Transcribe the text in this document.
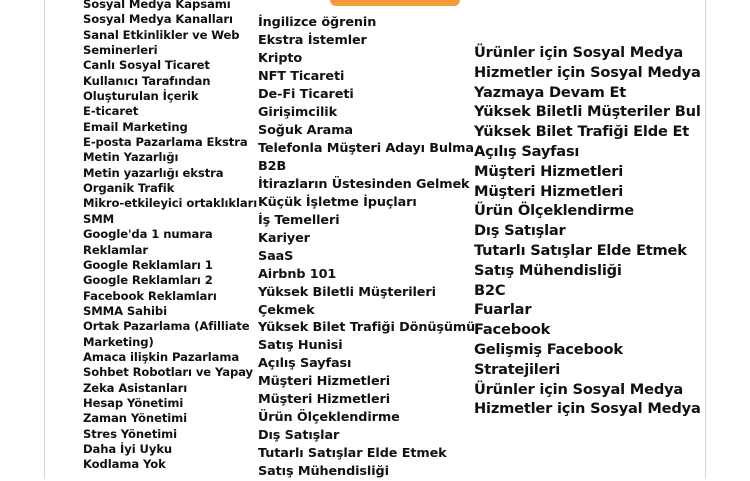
Sosyal Medya Kapsamı
Sosyal Medya Kanalları
Sanal Etkinlikler ve Web
Seminerleri
Canlı Sosyal Ticaret
Kullanıcı Tarafından
Oluşturulan İçerik
E-ticaret
Email Marketing
E-posta Pazarlama Ekstra
Metin Yazarlığı
Metin yazarlığı ekstra
Organik Trafik
Mikro-etkileyici ortaklıkları
SMM
Google'da 1 numara
Reklamlar
Google Reklamları 1
Google Reklamları 2
Facebook Reklamları
SMMA Sahibi
Ortak Pazarlama (Afilliate
Marketing)
Amaca ilişkin Pazarlama
Sohbet Robotları ve Yapay
Zeka Asistanları
Hesap Yönetimi
Zaman Yönetimi
Stres Yönetimi
Daha İyi Uyku
Kodlama Yok
İngilizce öğrenin
Ekstra İstemler
Kripto
NFT Ticareti
De-Fi Ticareti
Girişimcilik
Soğuk Arama
Telefonla Müşteri Adayı Bulma
B2B
İtirazların Üstesinden Gelmek
Küçük İşletme İpuçları
İş Temelleri
Kariyer
SaaS
Airbnb 101
Yüksek Biletli Müşterileri
Çekmek
Yüksek Bilet Trafiği Dönüşümü
Satış Hunisi
Açılış Sayfası
Müşteri Hizmetleri
Müşteri Hizmetleri
Ürün Ölçeklendirme
Dış Satışlar
Tutarlı Satışlar Elde Etmek
Satış Mühendisliği
Ürünler için Sosyal Medya
Hizmetler için Sosyal Medya
Yazmaya Devam Et
Yüksek Biletli Müşteriler Bul
Yüksek Bilet Trafiği Elde Et
Açılış Sayfası
Müşteri Hizmetleri
Müşteri Hizmetleri
Ürün Ölçeklendirme
Dış Satışlar
Tutarlı Satışlar Elde Etmek
Satış Mühendisliği
B2C
Fuarlar
Facebook
Gelişmiş Facebook
Stratejileri
Ürünler için Sosyal Medya
Hizmetler için Sosyal Medya
